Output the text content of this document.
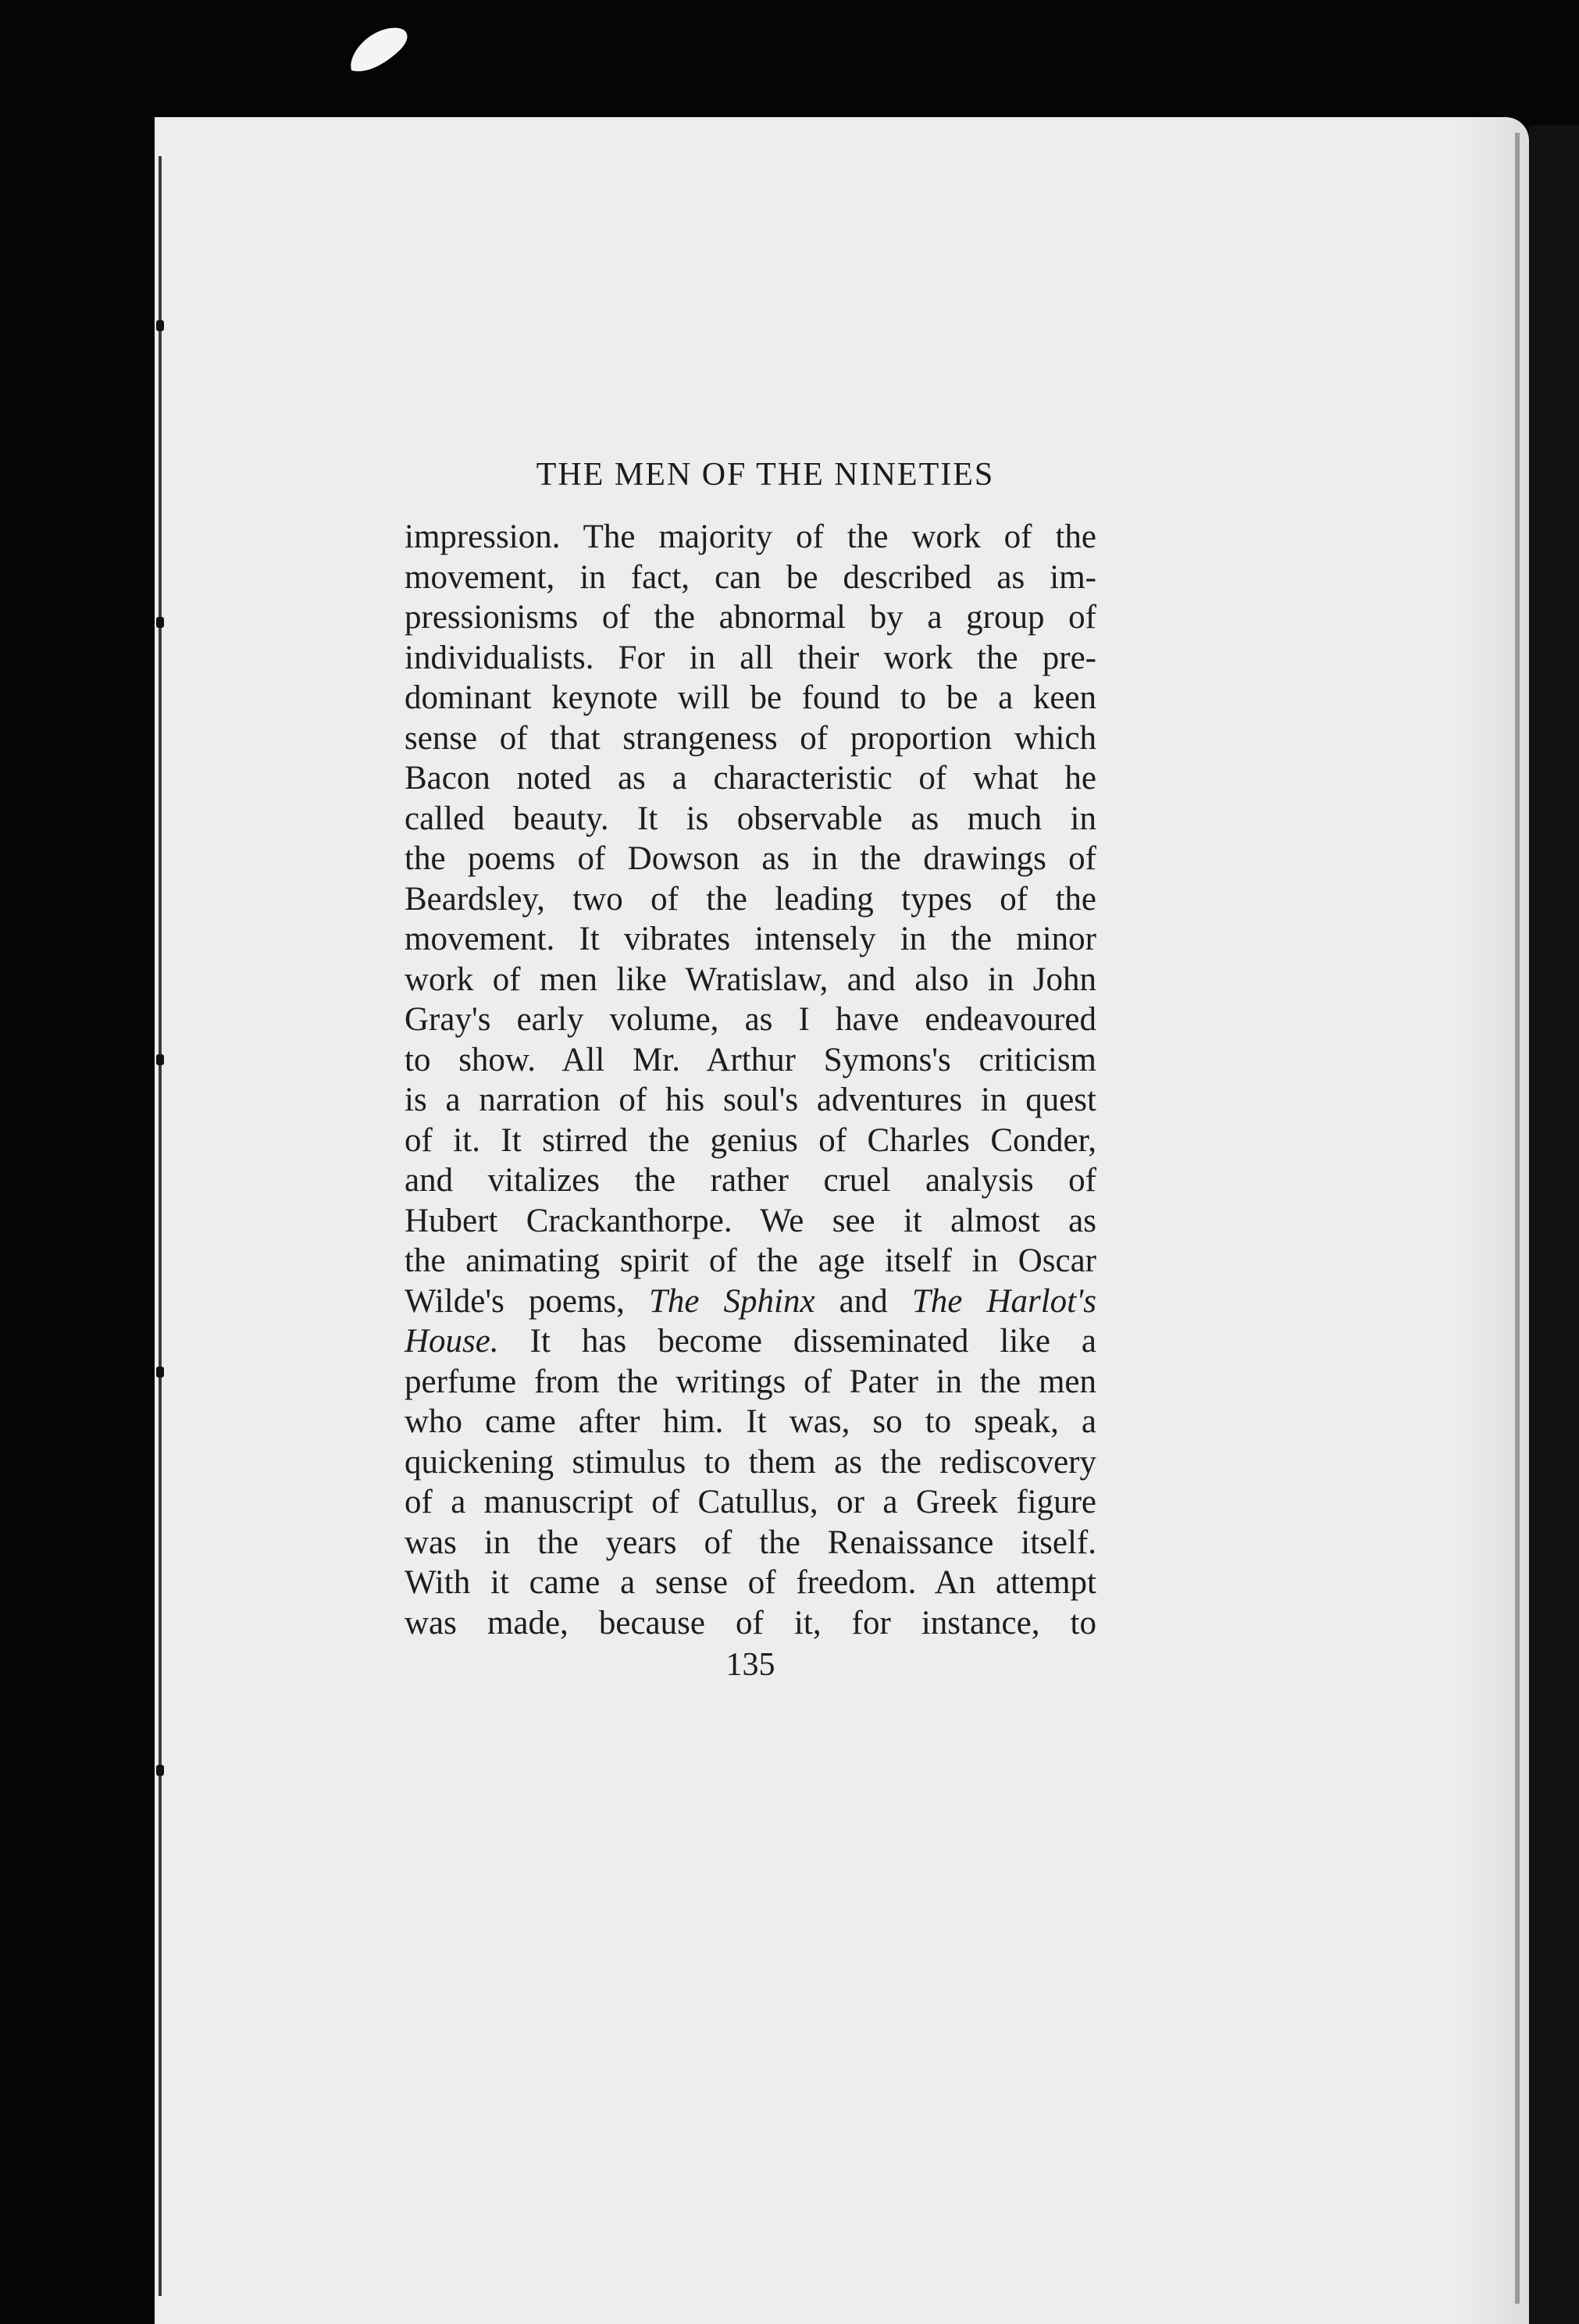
THE MEN OF THE NINETIES
impression. The majority of the work of the
movement, in fact, can be described as im-
pressionisms of the abnormal by a group of
individualists. For in all their work the pre-
dominant keynote will be found to be a keen
sense of that strangeness of proportion which
Bacon noted as a characteristic of what he
called beauty. It is observable as much in
the poems of Dowson as in the drawings of
Beardsley, two of the leading types of the
movement. It vibrates intensely in the minor
work of men like Wratislaw, and also in John
Gray's early volume, as I have endeavoured
to show. All Mr. Arthur Symons's criticism
is a narration of his soul's adventures in quest
of it. It stirred the genius of Charles Conder,
and vitalizes the rather cruel analysis of
Hubert Crackanthorpe. We see it almost as
the animating spirit of the age itself in Oscar
Wilde's poems, The Sphinx and The Harlot's
House. It has become disseminated like a
perfume from the writings of Pater in the men
who came after him. It was, so to speak, a
quickening stimulus to them as the rediscovery
of a manuscript of Catullus, or a Greek figure
was in the years of the Renaissance itself.
With it came a sense of freedom. An attempt
was made, because of it, for instance, to
135
